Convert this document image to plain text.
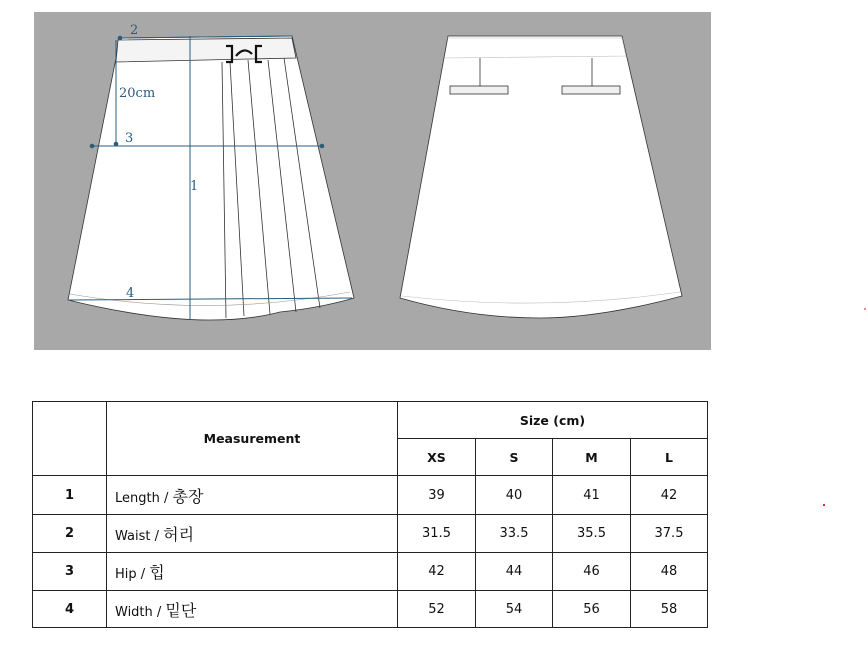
2
20cm
3
1
4
	Measurement	Size (cm)			
		XS	S	M	L
1	Length / 총장	39	40	41	42
2	Waist / 허리	31.5	33.5	35.5	37.5
3	Hip / 힙	42	44	46	48
4	Width / 밑단	52	54	56	58
